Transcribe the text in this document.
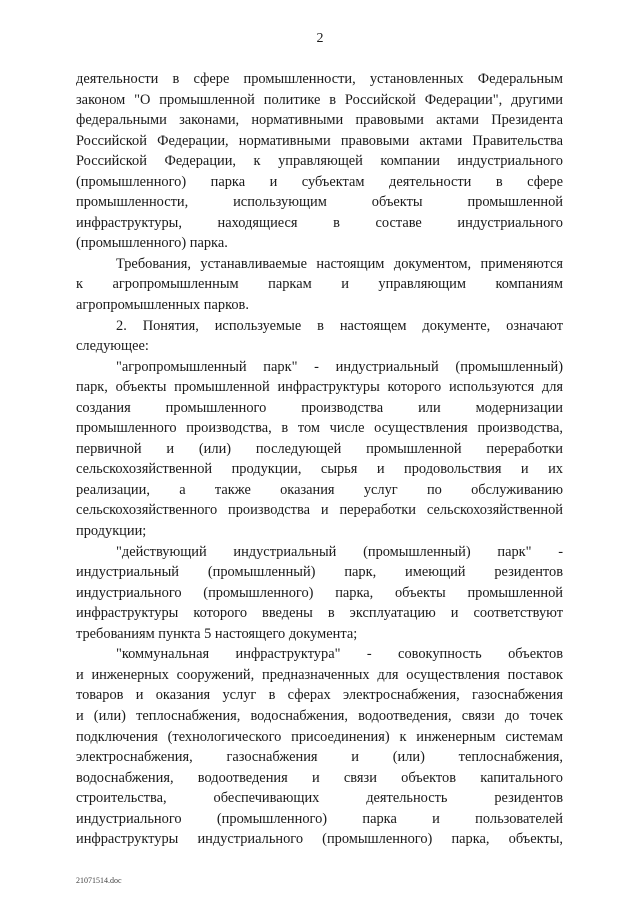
2
деятельности в сфере промышленности, установленных Федеральным
законом "О промышленной политике в Российской Федерации", другими
федеральными законами, нормативными правовыми актами Президента
Российской Федерации, нормативными правовыми актами Правительства
Российской Федерации, к управляющей компании индустриального
(промышленного) парка и субъектам деятельности в сфере
промышленности, использующим объекты промышленной
инфраструктуры, находящиеся в составе индустриального
(промышленного) парка.
Требования, устанавливаемые настоящим документом, применяются
к агропромышленным паркам и управляющим компаниям
агропромышленных парков.
2. Понятия, используемые в настоящем документе, означают
следующее:
"агропромышленный парк" - индустриальный (промышленный)
парк, объекты промышленной инфраструктуры которого используются для
создания промышленного производства или модернизации
промышленного производства, в том числе осуществления производства,
первичной и (или) последующей промышленной переработки
сельскохозяйственной продукции, сырья и продовольствия и их
реализации, а также оказания услуг по обслуживанию
сельскохозяйственного производства и переработки сельскохозяйственной
продукции;
"действующий индустриальный (промышленный) парк" -
индустриальный (промышленный) парк, имеющий резидентов
индустриального (промышленного) парка, объекты промышленной
инфраструктуры которого введены в эксплуатацию и соответствуют
требованиям пункта 5 настоящего документа;
"коммунальная инфраструктура" - совокупность объектов
и инженерных сооружений, предназначенных для осуществления поставок
товаров и оказания услуг в сферах электроснабжения, газоснабжения
и (или) теплоснабжения, водоснабжения, водоотведения, связи до точек
подключения (технологического присоединения) к инженерным системам
электроснабжения, газоснабжения и (или) теплоснабжения,
водоснабжения, водоотведения и связи объектов капитального
строительства, обеспечивающих деятельность резидентов
индустриального (промышленного) парка и пользователей
инфраструктуры индустриального (промышленного) парка, объекты,
21071514.doc
